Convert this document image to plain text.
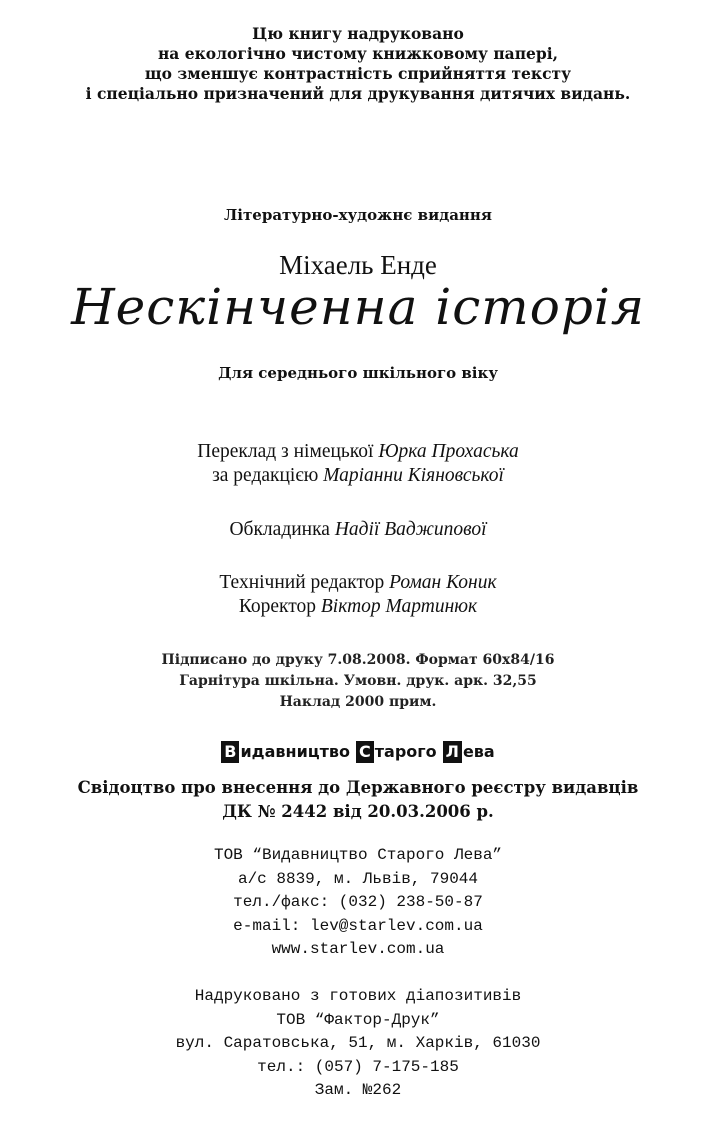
Цю книгу надруковано
на екологічно чистому книжковому папері,
що зменшує контрастність сприйняття тексту
і спеціально призначений для друкування дитячих видань.
Літературно-художнє видання
Міхаель Енде
Нескінченна історія
Для середнього шкільного віку
Переклад з німецької Юрка Прохаська
за редакцією Маріанни Кіяновської
Обкладинка Надії Ваджипової
Технічний редактор Роман Коник
Коректор Віктор Мартинюк
Підписано до друку 7.08.2008. Формат 60х84/16
Гарнітура шкільна. Умовн. друк. арк. 32,55
Наклад 2000 прим.
В идавництво С тарого Л ева
Свідоцтво про внесення до Державного реєстру видавців
ДК № 2442 від 20.03.2006 р.
ТОВ “Видавництво Старого Лева”
а/с 8839, м. Львів, 79044
тел./факс: (032) 238-50-87
e-mail: lev@starlev.com.ua
www.starlev.com.ua
Надруковано з готових діапозитивів
ТОВ “Фактор-Друк”
вул. Саратовська, 51, м. Харків, 61030
тел.: (057) 7-175-185
Зам. №262
